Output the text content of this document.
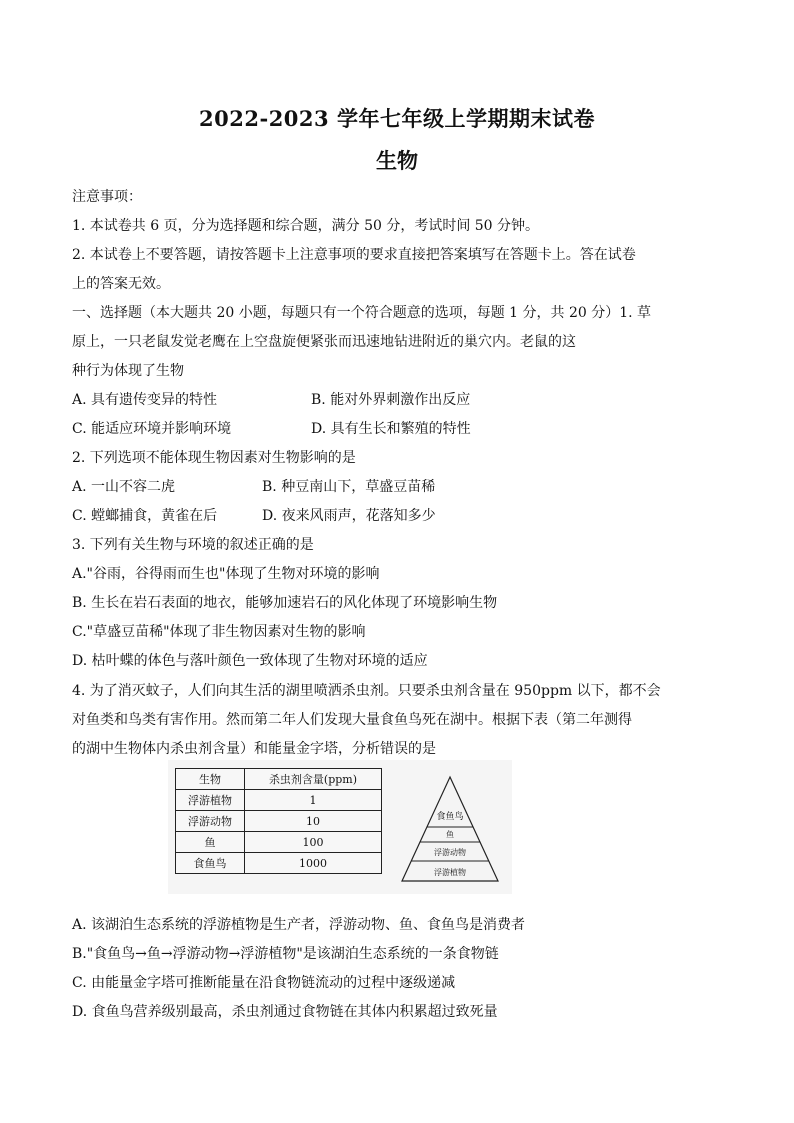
2022-2023 学年七年级上学期期末试卷
生物
注意事项：
1. 本试卷共 6 页，分为选择题和综合题，满分 50 分，考试时间 50 分钟。
2. 本试卷上不要答题，请按答题卡上注意事项的要求直接把答案填写在答题卡上。答在试卷
上的答案无效。
一、选择题（本大题共 20 小题，每题只有一个符合题意的选项，每题 1 分，共 20 分）1. 草
原上，一只老鼠发觉老鹰在上空盘旋便紧张而迅速地钻进附近的巢穴内。老鼠的这
种行为体现了生物
A. 具有遗传变异的特性	B. 能对外界刺激作出反应
C. 能适应环境并影响环境	D. 具有生长和繁殖的特性
2. 下列选项不能体现生物因素对生物影响的是
A. 一山不容二虎	B. 种豆南山下，草盛豆苗稀
C. 螳螂捕食，黄雀在后	D. 夜来风雨声，花落知多少
3. 下列有关生物与环境的叙述正确的是
A."谷雨，谷得雨而生也"体现了生物对环境的影响
B. 生长在岩石表面的地衣，能够加速岩石的风化体现了环境影响生物
C."草盛豆苗稀"体现了非生物因素对生物的影响
D. 枯叶蝶的体色与落叶颜色一致体现了生物对环境的适应
4. 为了消灭蚊子，人们向其生活的湖里喷洒杀虫剂。只要杀虫剂含量在 950ppm 以下，都不会
对鱼类和鸟类有害作用。然而第二年人们发现大量食鱼鸟死在湖中。根据下表（第二年测得
的湖中生物体内杀虫剂含量）和能量金字塔，分析错误的是
生物	杀虫剂含量(ppm)
浮游植物	1
浮游动物	10
鱼	100
食鱼鸟	1000
食鱼鸟
鱼
浮游动物
浮游植物
A. 该湖泊生态系统的浮游植物是生产者，浮游动物、鱼、食鱼鸟是消费者
B."食鱼鸟→鱼→浮游动物→浮游植物"是该湖泊生态系统的一条食物链
C. 由能量金字塔可推断能量在沿食物链流动的过程中逐级递减
D. 食鱼鸟营养级别最高，杀虫剂通过食物链在其体内积累超过致死量
